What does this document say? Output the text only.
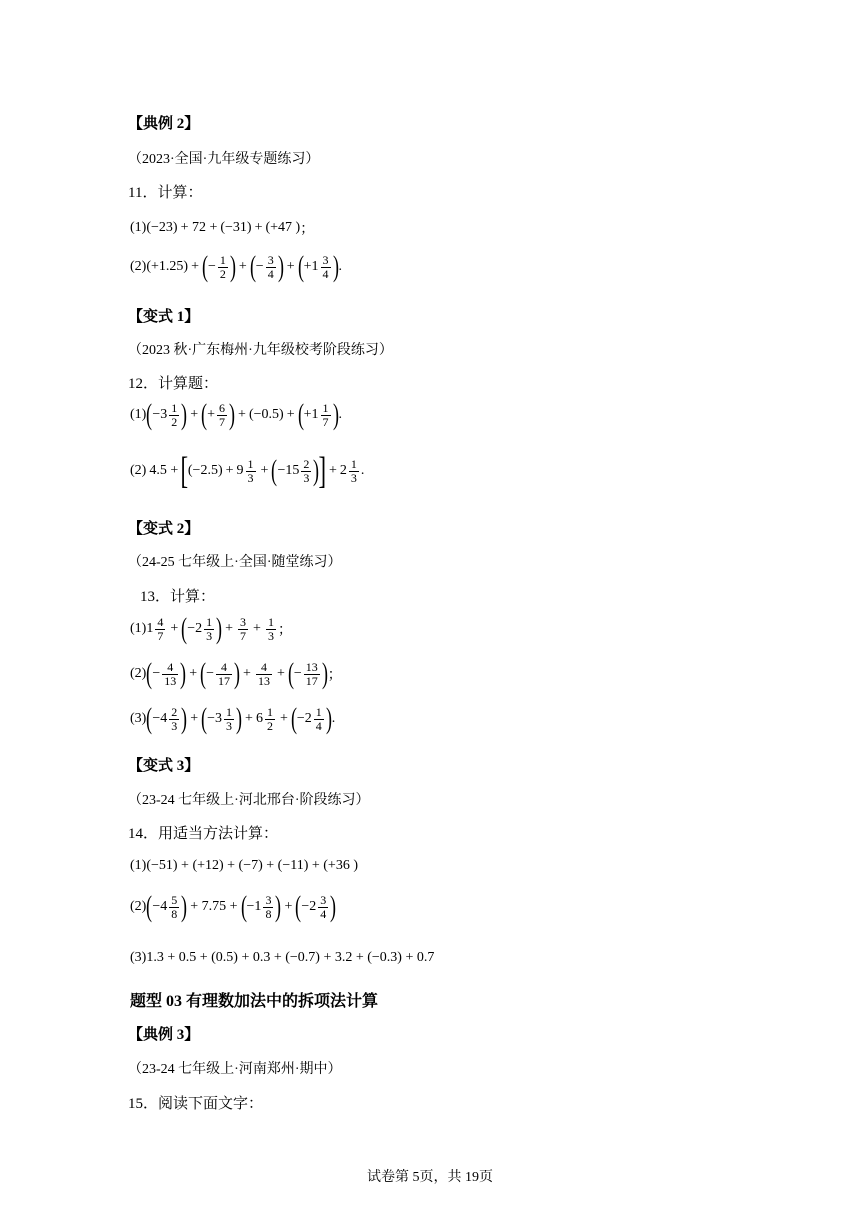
【典例 2】
（2023·全国·九年级专题练习）
11．计算：
(1) (−23) + 72 + (−31) + (+47 ) ；
(2) (+1.25) + ( − $\frac{1}{2}$ ) + ( − $\frac{3}{4}$ ) + ( + $1 \frac{3}{4}$ ) .
【变式 1】
（2023 秋·广东梅州·九年级校考阶段练习）
12．计算题：
(1) ( $-3 \frac{1}{2}$ ) + ( + $\frac{6}{7}$ ) + (−0.5) + ( $+1 \frac{1}{7}$ ) .
(2) 4.5 + [ $(-2.5) + 9 \frac{1}{3}$ + ( $-15 \frac{2}{3}$ ) ] + $2 \frac{1}{3}$ .
【变式 2】
（24-25 七年级上·全国·随堂练习）
13．计算：
(1) $1 \frac{4}{7}$ + ( $-2 \frac{1}{3}$ ) + $\frac{3}{7} + \frac{1}{3}$ ；
(2) ( − $\frac{4}{13}$ ) + ( − $\frac{4}{17}$ ) + $\frac{4}{13}$ + ( − $\frac{13}{17}$ ) ；
(3) ( $-4 \frac{2}{3}$ ) + ( $-3 \frac{1}{3}$ ) + $6 \frac{1}{2}$ + ( $-2 \frac{1}{4}$ ) .
【变式 3】
（23-24 七年级上·河北邢台·阶段练习）
14．用适当方法计算：
(1)(−51) + (+12) + (−7) + (−11) + (+36 )
(2) ( $-4 \frac{5}{8}$ ) + 7.75 + ( $-1 \frac{3}{8}$ ) + ( $-2 \frac{3}{4}$ )
(3)1.3 + 0.5 + (0.5) + 0.3 + (−0.7) + 3.2 + (−0.3) + 0.7
题型 03 有理数加法中的拆项法计算
【典例 3】
（23-24 七年级上·河南郑州·期中）
15．阅读下面文字：
试卷第 5页，共 19页
